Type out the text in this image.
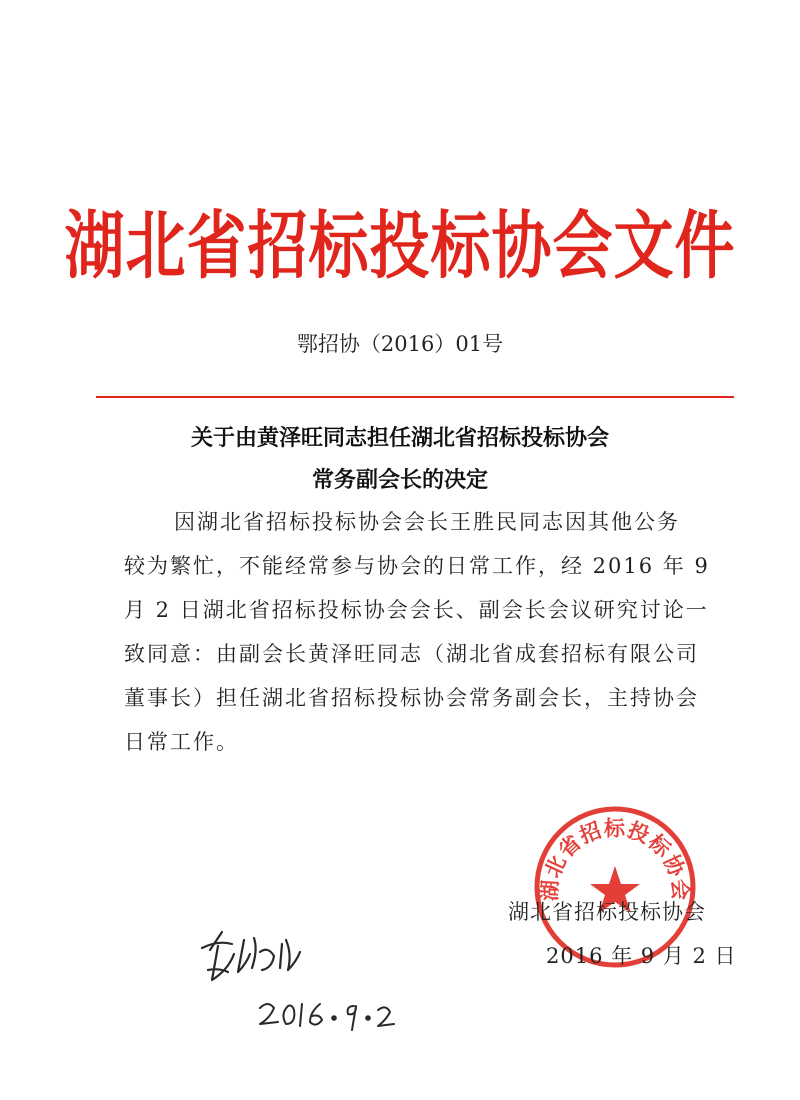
湖北省招标投标协会文件
鄂招协（2016）01号
关于由黄泽旺同志担任湖北省招标投标协会
常务副会长的决定
因湖北省招标投标协会会长王胜民同志因其他公务
较为繁忙，不能经常参与协会的日常工作，经 2016 年 9
月 2 日湖北省招标投标协会会长、副会长会议研究讨论一
致同意：由副会长黄泽旺同志（湖北省成套招标有限公司
董事长）担任湖北省招标投标协会常务副会长，主持协会
日常工作。
湖北省招标投标协会
湖北省招标投标协会
2016 年 9 月 2 日
